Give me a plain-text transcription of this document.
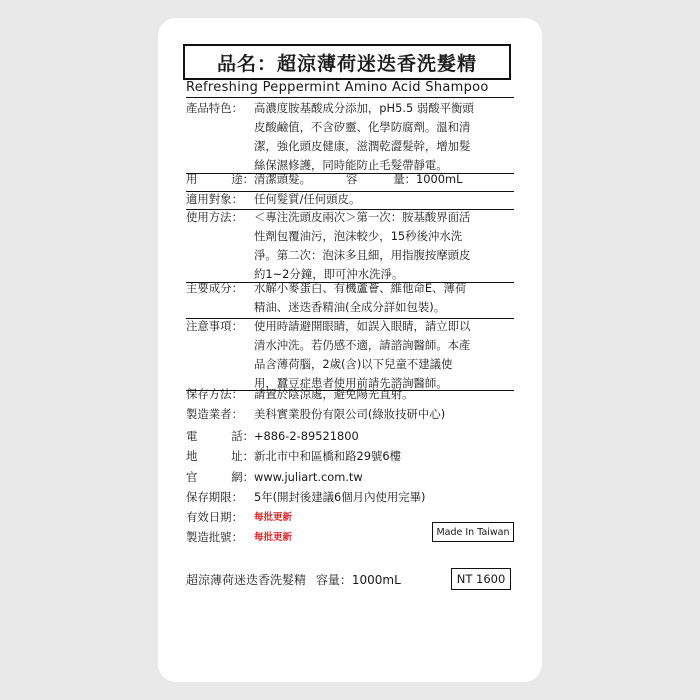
品名：超涼薄荷迷迭香洗髮精
Refreshing Peppermint Amino Acid Shampoo
產品特色： 高濃度胺基酸成分添加，pH5.5 弱酸平衡頭
皮酸鹼值，不含矽靈、化學防腐劑。溫和清
潔，強化頭皮健康，滋潤乾澀髮幹，增加髮
絲保濕修護，同時能防止毛髮帶靜電。
用	途： 清潔頭髮。	容	量： 1000mL
適用對象： 任何髮質/任何頭皮。
使用方法： ＜專注洗頭皮兩次＞第一次：胺基酸界面活
性劑包覆油污，泡沫較少，15秒後沖水洗
淨。第二次：泡沫多且細，用指腹按摩頭皮
約1~2分鐘，即可沖水洗淨。
主要成分： 水解小麥蛋白、有機蘆薈、維他命E、薄荷
精油、迷迭香精油(全成分詳如包裝)。
注意事項： 使用時請避開眼睛，如誤入眼睛，請立即以
清水沖洗。若仍感不適，請諮詢醫師。本產
品含薄荷腦，2歲(含)以下兒童不建議使
用，蠶豆症患者使用前請先諮詢醫師。
保存方法： 請置於陰涼處，避免陽光直射。
製造業者： 美科實業股份有限公司(綠妝技研中心)
電	話： +886-2-89521800
地	址： 新北市中和區橋和路29號6樓
官	網： www.juliart.com.tw
保存期限： 5年(開封後建議6個月內使用完畢)
有效日期：	每批更新
製造批號：	每批更新	Made In Taiwan
超涼薄荷迷迭香洗髮精 容量：1000mL	NT 1600
